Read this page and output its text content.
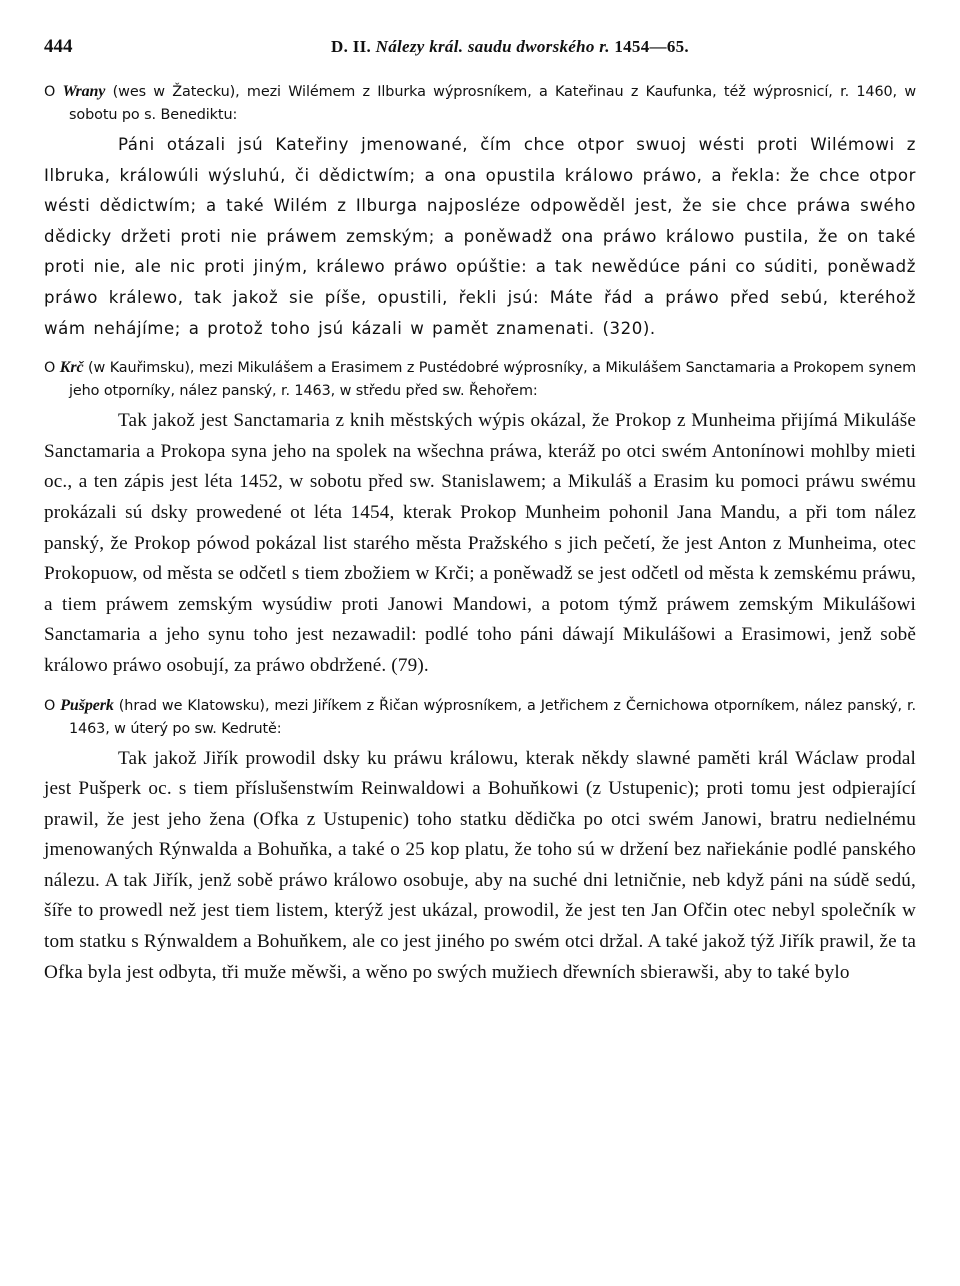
444	D. II. Nálezy král. saudu dworského r. 1454—65.
O Wrany (wes w Žatecku), mezi Wilémem z Ilburka wýprosníkem, a Kateřinau z Kaufunka, též wýprosnicí, r. 1460, w sobotu po s. Benediktu:

Páni otázali jsú Kateřiny jmenowané, čím chce otpor swuoj wésti proti Wilémowi z Ilbruka, králowúli wýsluhú, či dědictwím; a ona opustila králowo práwo, a řekla: že chce otpor wésti dědictwím; a také Wilém z Ilburga najposléze odpowěděl jest, že sie chce práwa swého dědicky držeti proti nie práwem zemským; a poněwadž ona práwo králowo pustila, že on také proti nie, ale nic proti jiným, králewo práwo opúštie: a tak newědúce páni co súditi, poněwadž práwo králewo, tak jakož sie píše, opustili, řekli jsú: Máte řád a práwo před sebú, kteréhož wám nehájíme; a protož toho jsú kázali w pamět znamenati. (320).

O Krč (w Kauřimsku), mezi Mikulášem a Erasimem z Pustédobré wýprosníky, a Mikulášem Sanctamaria a Prokopem synem jeho otporníky, nález panský, r. 1463, w středu před sw. Řehořem:

Tak jakož jest Sanctamaria z knih městských wýpis okázal, že Prokop z Munheima přijímá Mikuláše Sanctamaria a Prokopa syna jeho na spolek na wšechna práwa, kteráž po otci swém Antonínowi mohlby mieti oc., a ten zápis jest léta 1452, w sobotu před sw. Stanislawem; a Mikuláš a Erasim ku pomoci práwu swému prokázali sú dsky prowedené ot léta 1454, kterak Prokop Munheim pohonil Jana Mandu, a při tom nález panský, že Prokop pówod pokázal list starého města Pražského s jich pečetí, že jest Anton z Munheima, otec Prokopuow, od města se odčetl s tiem zbožiem w Krči; a poněwadž se jest odčetl od města k zemskému práwu, a tiem práwem zemským wysúdiw proti Janowi Mandowi, a potom týmž práwem zemským Mikulášowi Sanctamaria a jeho synu toho jest nezawadil: podlé toho páni dáwají Mikulášowi a Erasimowi, jenž sobě králowo práwo osobují, za práwo obdržené. (79).

O Pušperk (hrad we Klatowsku), mezi Jiříkem z Řičan wýprosníkem, a Jetřichem z Černichowa otporníkem, nález panský, r. 1463, w úterý po sw. Kedrutě:

Tak jakož Jiřík prowodil dsky ku práwu králowu, kterak někdy slawné paměti král Wáclaw prodal jest Pušperk oc. s tiem příslušenstwím Reinwaldowi a Bohuňkowi (z Ustupenic); proti tomu jest odpierající prawil, že jest jeho žena (Ofka z Ustupenic) toho statku dědička po otci swém Janowi, bratru nedielnému jmenowaných Rýnwalda a Bohuňka, a také o 25 kop platu, že toho sú w držení bez nařiekánie podlé panského nálezu. A tak Jiřík, jenž sobě práwo králowo osobuje, aby na suché dni letničnie, neb když páni na súdě sedú, šíře to prowedl než jest tiem listem, kterýž jest ukázal, prowodil, že jest ten Jan Ofčin otec nebyl společník w tom statku s Rýnwaldem a Bohuňkem, ale co jest jiného po swém otci držal. A také jakož týž Jiřík prawil, že ta Ofka byla jest odbyta, tři muže měwši, a wěno po swých mužiech dřewních sbierawši, aby to také bylo
